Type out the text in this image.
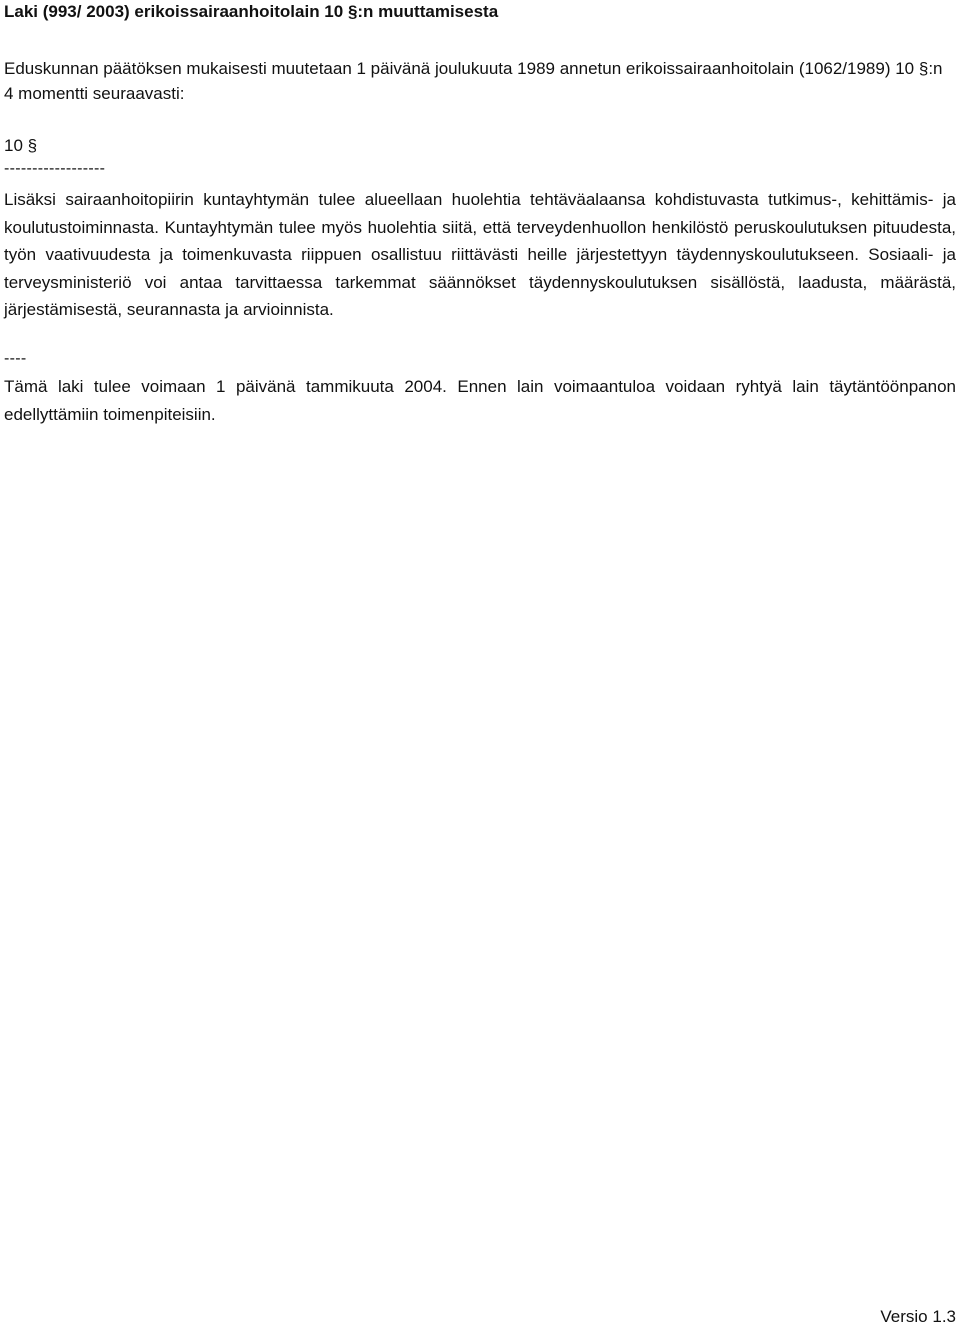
Laki (993/ 2003) erikoissairaanhoitolain 10 §:n muuttamisesta

Eduskunnan päätöksen mukaisesti muutetaan 1 päivänä joulukuuta 1989 annetun erikoissairaanhoitolain (1062/1989) 10 §:n 4 momentti seuraavasti:

10 §
------------------

Lisäksi sairaanhoitopiirin kuntayhtymän tulee alueellaan huolehtia tehtäväalaansa kohdistuvasta tutkimus-, kehittämis- ja koulutustoiminnasta. Kuntayhtymän tulee myös huolehtia siitä, että terveydenhuollon henkilöstö peruskoulutuksen pituudesta, työn vaativuudesta ja toimenkuvasta riippuen osallistuu riittävästi heille järjestettyyn täydennyskoulutukseen. Sosiaali- ja terveysministeriö voi antaa tarvittaessa tarkemmat säännökset täydennyskoulutuksen sisällöstä, laadusta, määrästä, järjestämisestä, seurannasta ja arvioinnista.

----

Tämä laki tulee voimaan 1 päivänä tammikuuta 2004. Ennen lain voimaantuloa voidaan ryhtyä lain täytäntöönpanon edellyttämiin toimenpiteisiin.

Versio 1.3
